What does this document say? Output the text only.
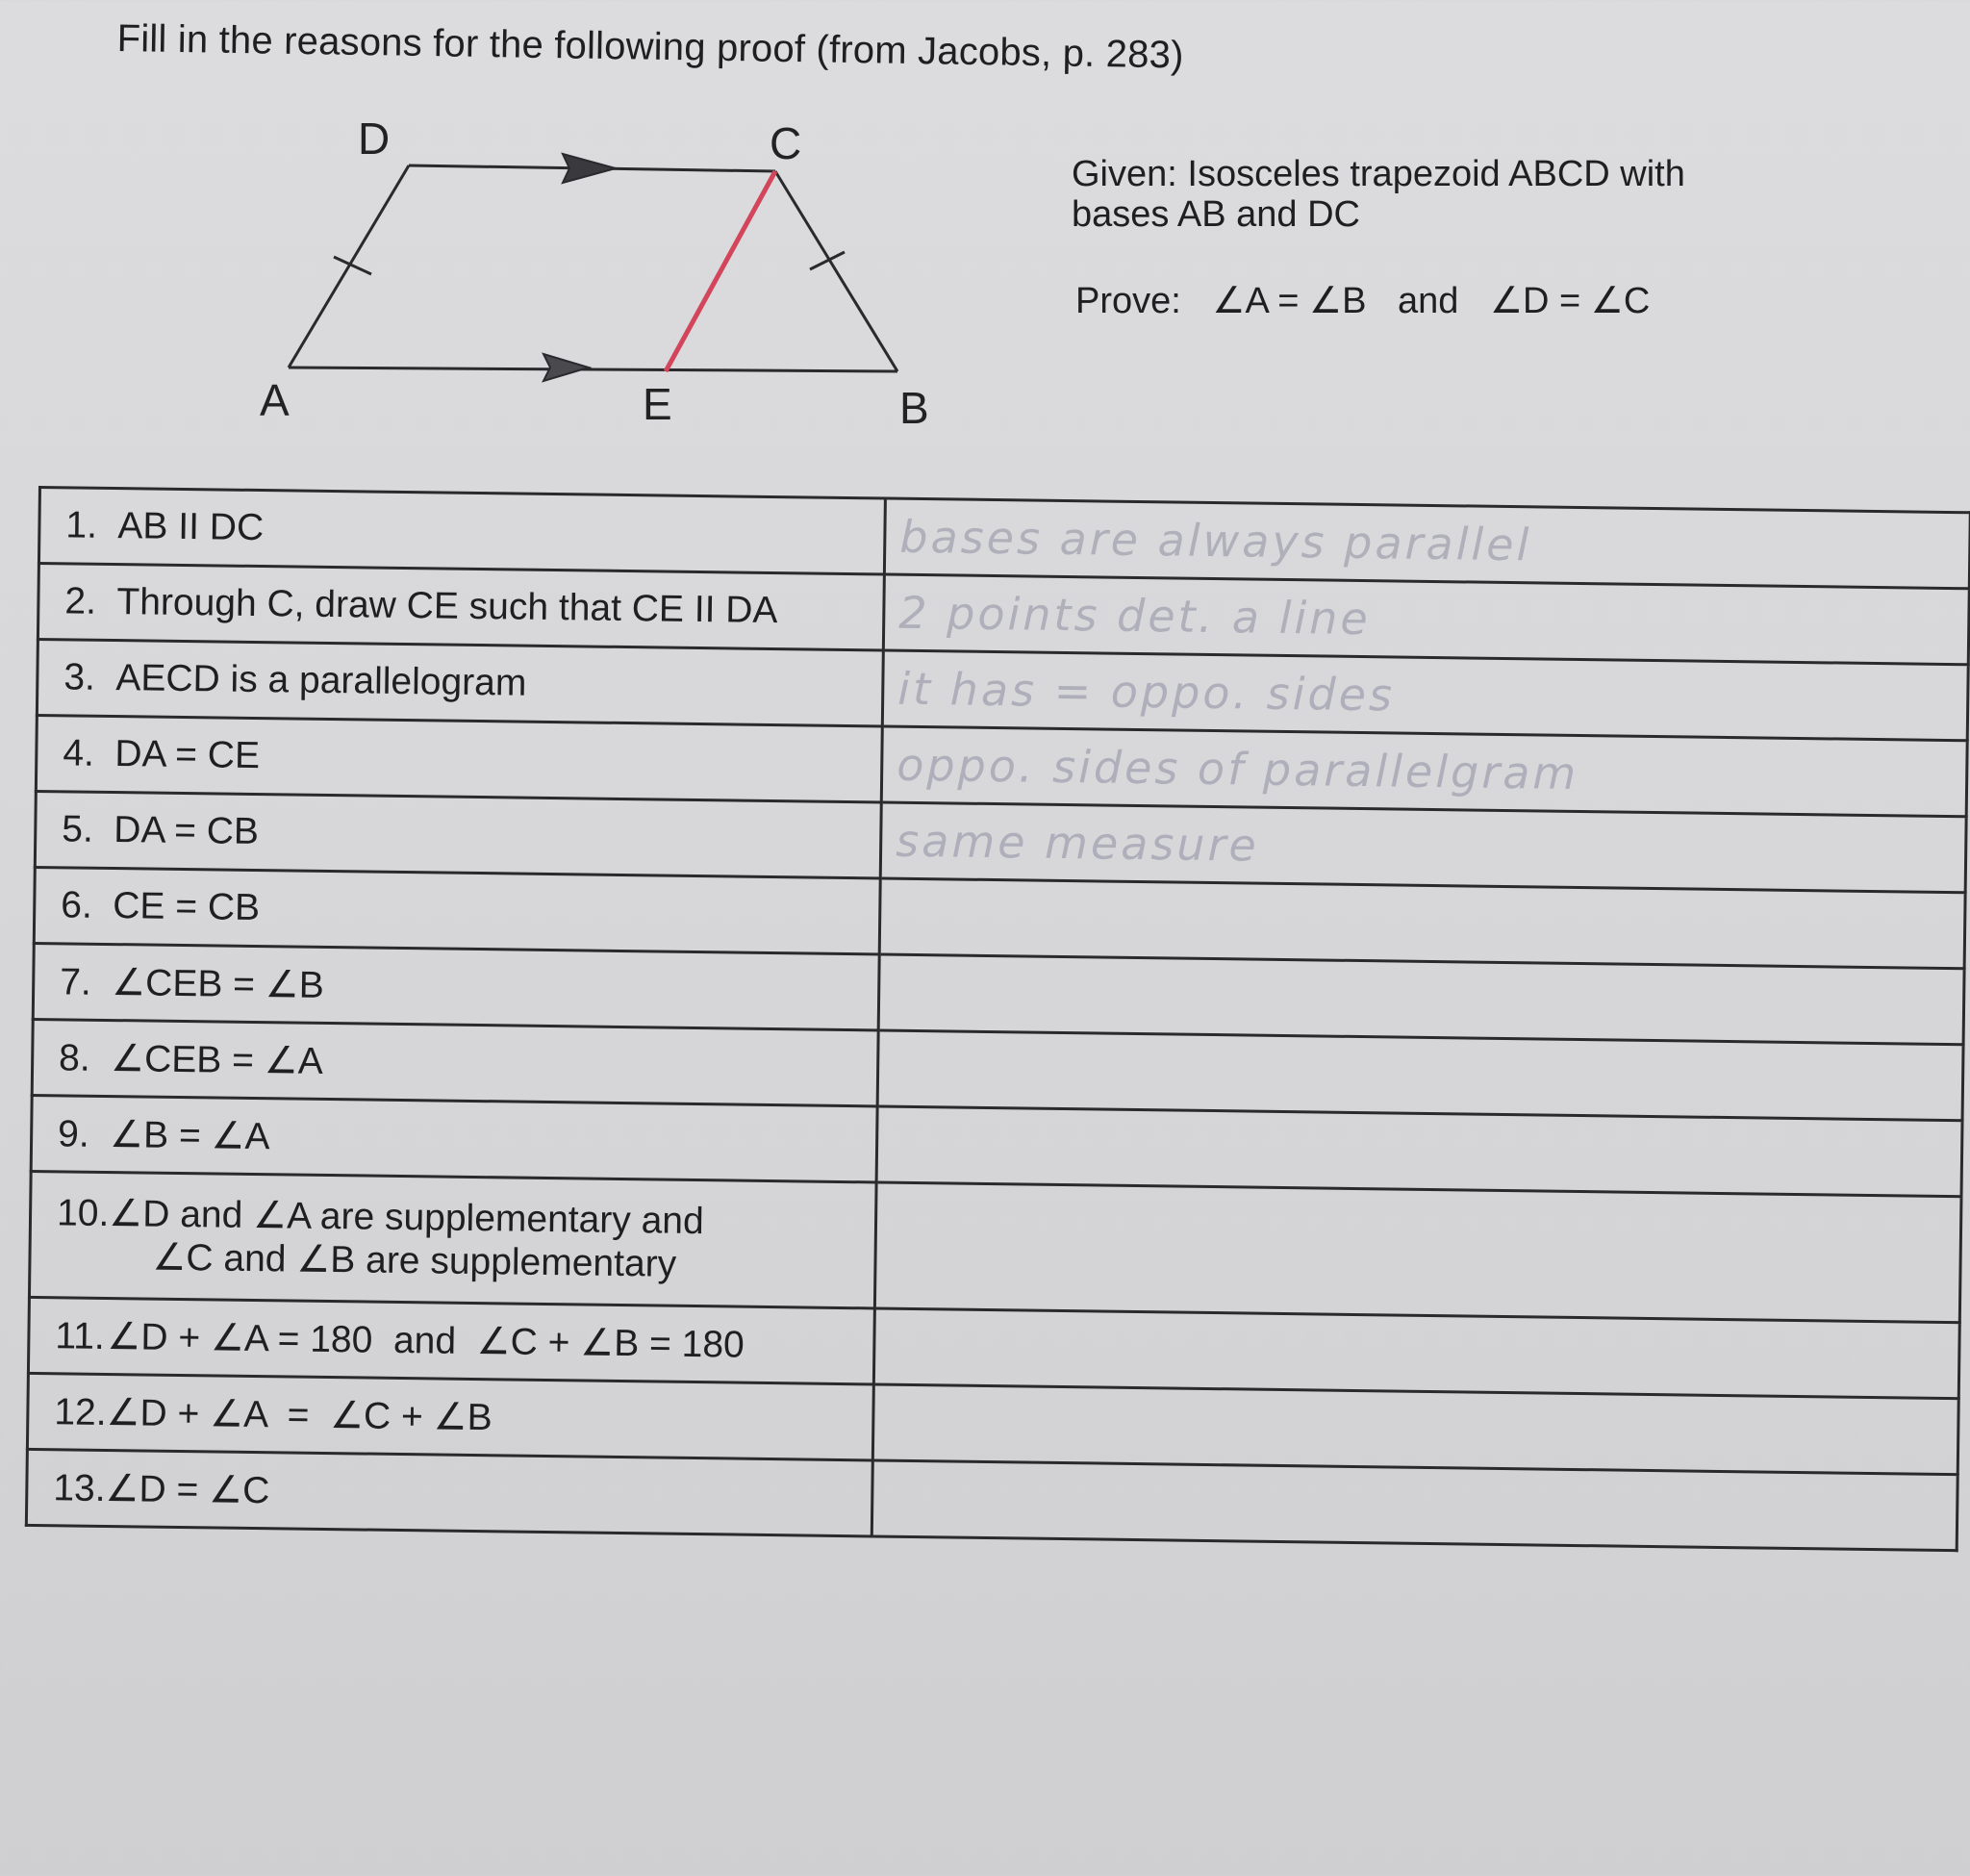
Fill in the reasons for the following proof (from Jacobs, p. 283)
D	C
A	E	B
Given: Isosceles trapezoid ABCD with
bases AB and DC
Prove: ∠A = ∠B and ∠D = ∠C
1. AB II DC	bases are always parallel
2. Through C, draw CE such that CE II DA	2 points det. a line
3. AECD is a parallelogram	it has = oppo. sides
4. DA = CE	oppo. sides of parallelgram
5. DA = CB	same measure
6. CE = CB	
7. ∠CEB = ∠B	
8. ∠CEB = ∠A	
9. ∠B = ∠A	
10.∠D and ∠A are supplementary and
∠C and ∠B are supplementary	

11.∠D + ∠A = 180  and  ∠C + ∠B = 180	
12.∠D + ∠A  =  ∠C + ∠B	
13.∠D = ∠C	
